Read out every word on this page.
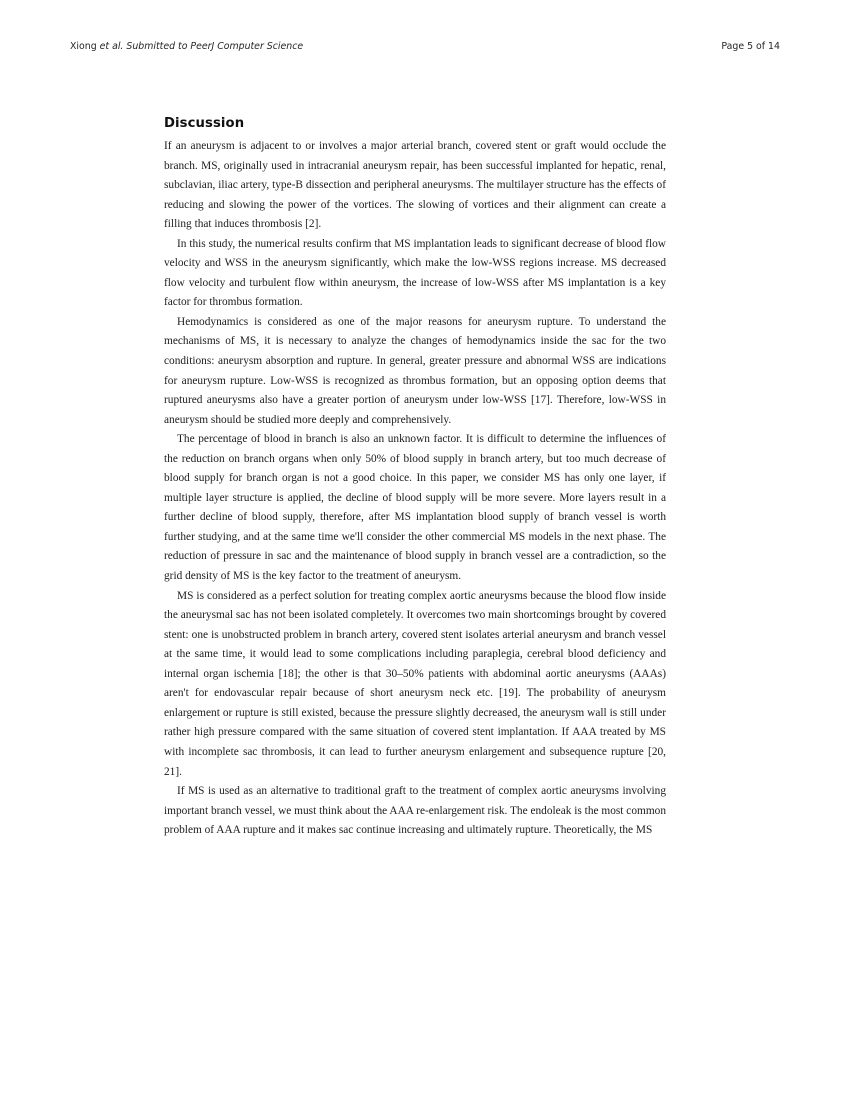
Xiong et al. Submitted to PeerJ Computer Science	Page 5 of 14
Discussion

If an aneurysm is adjacent to or involves a major arterial branch, covered stent or graft would occlude the branch. MS, originally used in intracranial aneurysm repair, has been successful implanted for hepatic, renal, subclavian, iliac artery, type-B dissection and peripheral aneurysms. The multilayer structure has the effects of reducing and slowing the power of the vortices. The slowing of vortices and their alignment can create a filling that induces thrombosis [2].

In this study, the numerical results confirm that MS implantation leads to significant decrease of blood flow velocity and WSS in the aneurysm significantly, which make the low-WSS regions increase. MS decreased flow velocity and turbulent flow within aneurysm, the increase of low-WSS after MS implantation is a key factor for thrombus formation.

Hemodynamics is considered as one of the major reasons for aneurysm rupture. To understand the mechanisms of MS, it is necessary to analyze the changes of hemodynamics inside the sac for the two conditions: aneurysm absorption and rupture. In general, greater pressure and abnormal WSS are indications for aneurysm rupture. Low-WSS is recognized as thrombus formation, but an opposing option deems that ruptured aneurysms also have a greater portion of aneurysm under low-WSS [17]. Therefore, low-WSS in aneurysm should be studied more deeply and comprehensively.

The percentage of blood in branch is also an unknown factor. It is difficult to determine the influences of the reduction on branch organs when only 50% of blood supply in branch artery, but too much decrease of blood supply for branch organ is not a good choice. In this paper, we consider MS has only one layer, if multiple layer structure is applied, the decline of blood supply will be more severe. More layers result in a further decline of blood supply, therefore, after MS implantation blood supply of branch vessel is worth further studying, and at the same time we'll consider the other commercial MS models in the next phase. The reduction of pressure in sac and the maintenance of blood supply in branch vessel are a contradiction, so the grid density of MS is the key factor to the treatment of aneurysm.

MS is considered as a perfect solution for treating complex aortic aneurysms because the blood flow inside the aneurysmal sac has not been isolated completely. It overcomes two main shortcomings brought by covered stent: one is unobstructed problem in branch artery, covered stent isolates arterial aneurysm and branch vessel at the same time, it would lead to some complications including paraplegia, cerebral blood deficiency and internal organ ischemia [18]; the other is that 30–50% patients with abdominal aortic aneurysms (AAAs) aren't for endovascular repair because of short aneurysm neck etc. [19]. The probability of aneurysm enlargement or rupture is still existed, because the pressure slightly decreased, the aneurysm wall is still under rather high pressure compared with the same situation of covered stent implantation. If AAA treated by MS with incomplete sac thrombosis, it can lead to further aneurysm enlargement and subsequence rupture [20, 21].

If MS is used as an alternative to traditional graft to the treatment of complex aortic aneurysms involving important branch vessel, we must think about the AAA re-enlargement risk. The endoleak is the most common problem of AAA rupture and it makes sac continue increasing and ultimately rupture. Theoretically, the MS
